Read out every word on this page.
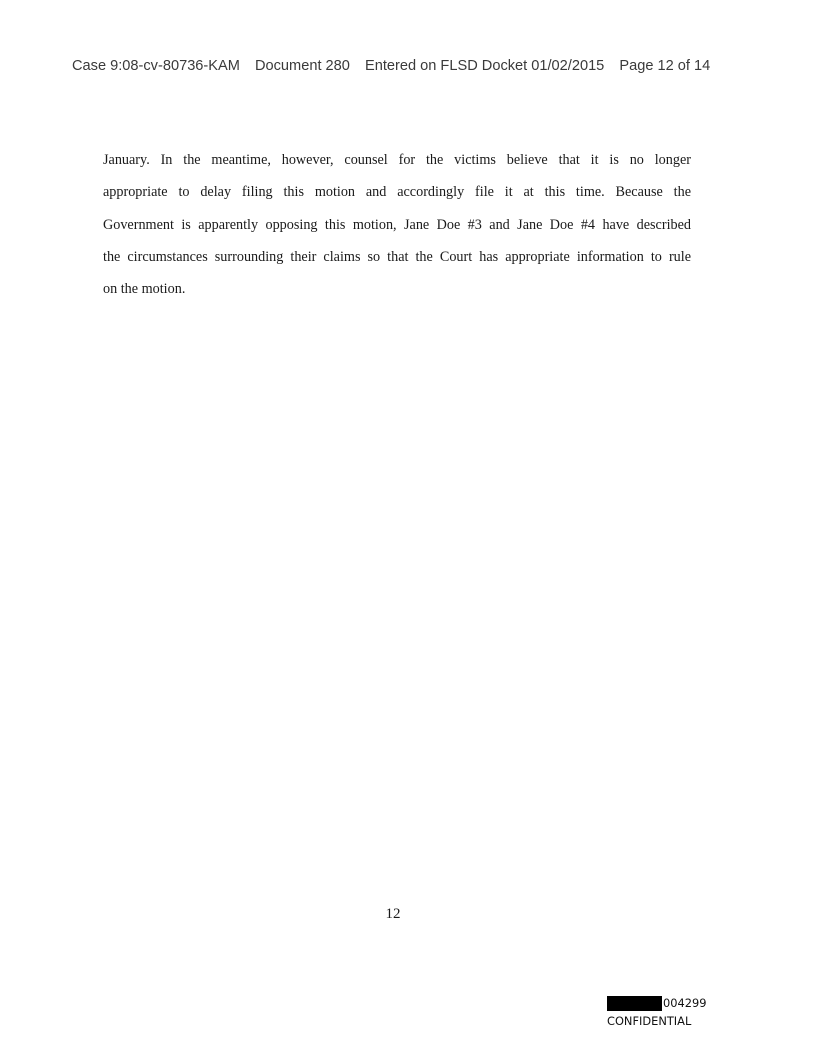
Case 9:08-cv-80736-KAM Document 280 Entered on FLSD Docket 01/02/2015 Page 12 of 14
January. In the meantime, however, counsel for the victims believe that it is no longer
appropriate to delay filing this motion and accordingly file it at this time. Because the
Government is apparently opposing this motion, Jane Doe #3 and Jane Doe #4 have described
the circumstances surrounding their claims so that the Court has appropriate information to rule
on the motion.
12
004299
CONFIDENTIAL
